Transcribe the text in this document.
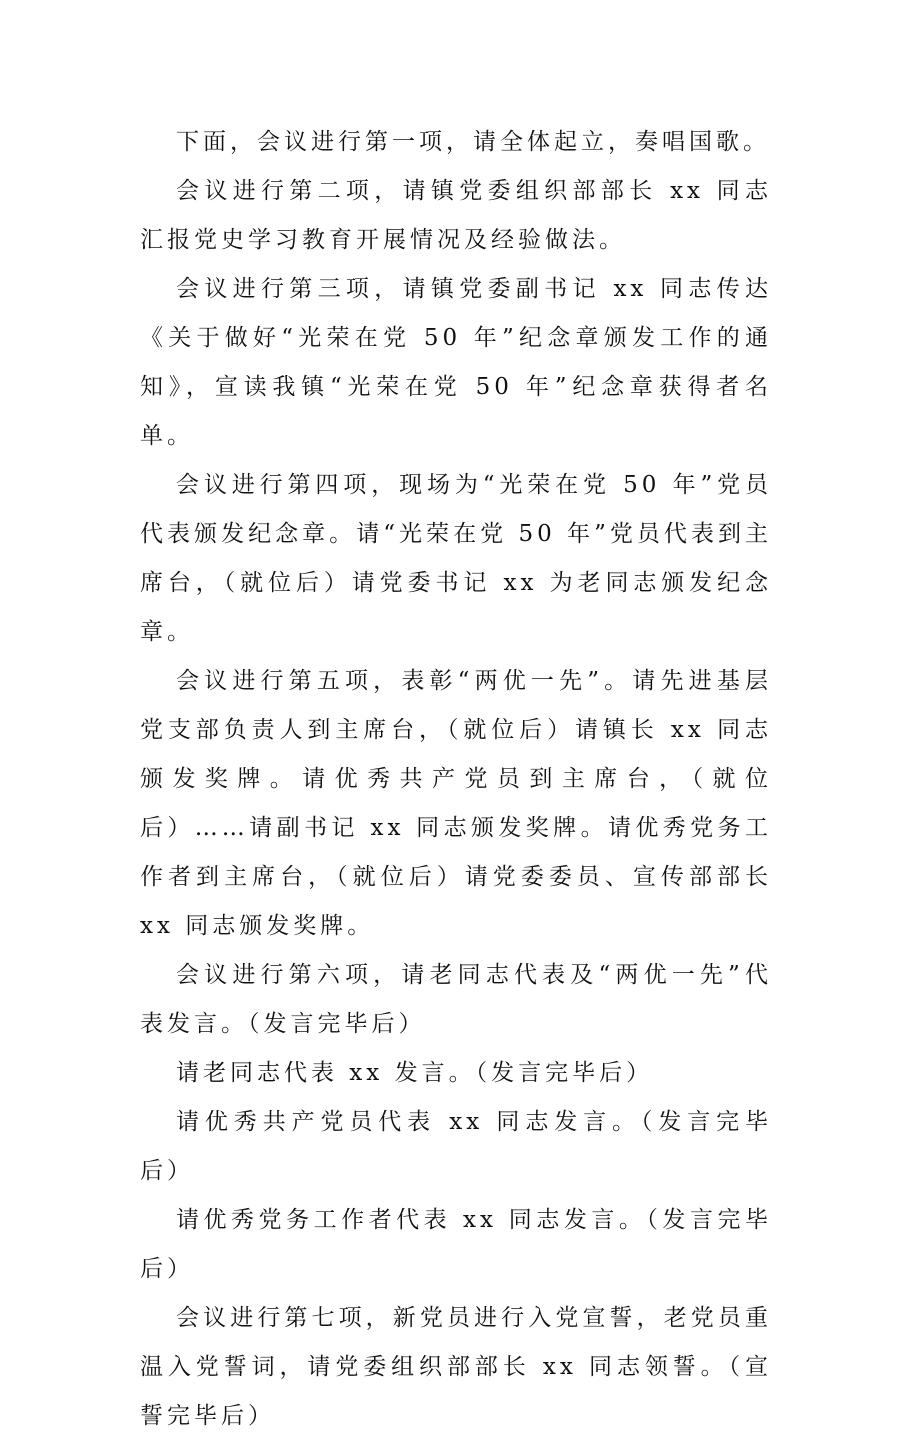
下面，会议进行第一项，请全体起立，奏唱国歌。

会议进行第二项，请镇党委组织部部长 xx 同志汇报党史学习教育开展情况及经验做法。

会议进行第三项，请镇党委副书记 xx 同志传达《关于做好“光荣在党 50 年”纪念章颁发工作的通知》，宣读我镇“光荣在党 50 年”纪念章获得者名单。

会议进行第四项，现场为“光荣在党 50 年”党员代表颁发纪念章。请“光荣在党 50 年”党员代表到主席台，（就位后）请党委书记 xx 为老同志颁发纪念章。

会议进行第五项，表彰“两优一先”。请先进基层党支部负责人到主席台，（就位后）请镇长 xx 同志颁发奖牌。请优秀共产党员到主席台，（就位后）……请副书记 xx 同志颁发奖牌。请优秀党务工作者到主席台，（就位后）请党委委员、宣传部部长 xx 同志颁发奖牌。

会议进行第六项，请老同志代表及“两优一先”代表发言。（发言完毕后）

请老同志代表 xx 发言。（发言完毕后）

请优秀共产党员代表 xx 同志发言。（发言完毕后）

请优秀党务工作者代表 xx 同志发言。（发言完毕后）

会议进行第七项，新党员进行入党宣誓，老党员重温入党誓词，请党委组织部部长 xx 同志领誓。（宣誓完毕后）
